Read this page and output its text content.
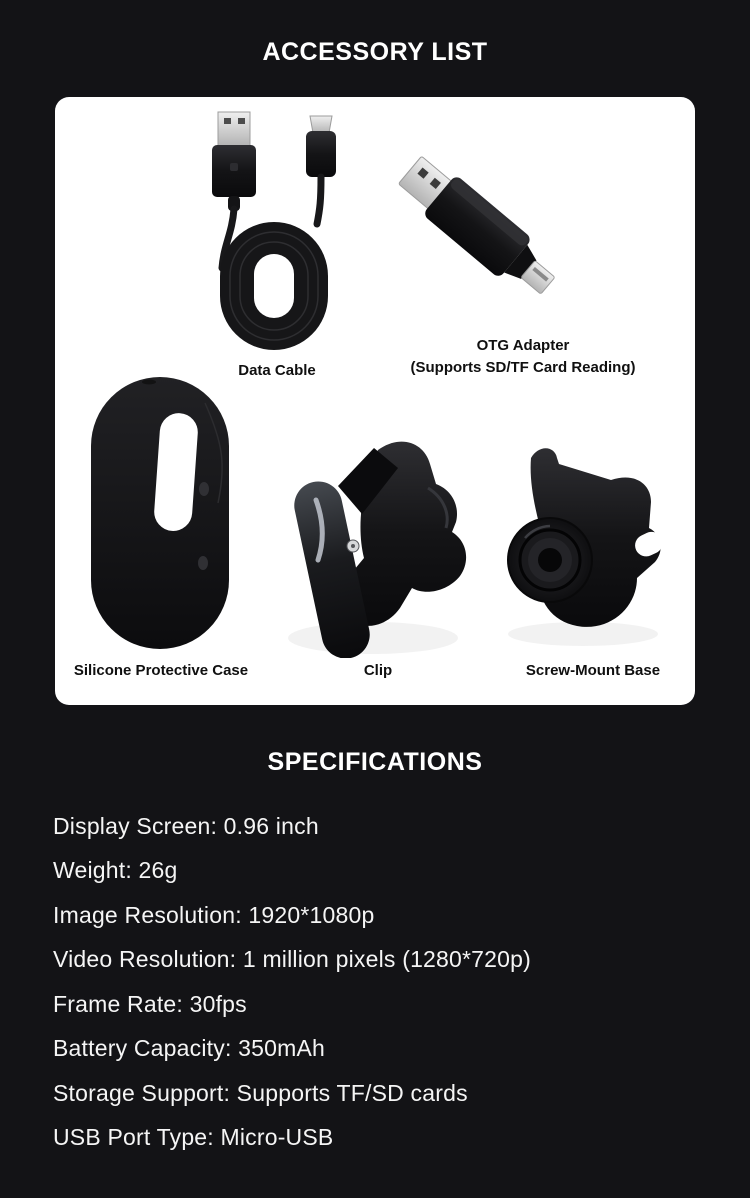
ACCESSORY LIST
Data Cable
OTG Adapter
(Supports SD/TF Card Reading)
Silicone Protective Case	Clip	Screw-Mount Base
SPECIFICATIONS
Display Screen: 0.96 inch
Weight: 26g
Image Resolution: 1920*1080p
Video Resolution: 1 million pixels (1280*720p)
Frame Rate: 30fps
Battery Capacity: 350mAh
Storage Support: Supports TF/SD cards
USB Port Type: Micro-USB
